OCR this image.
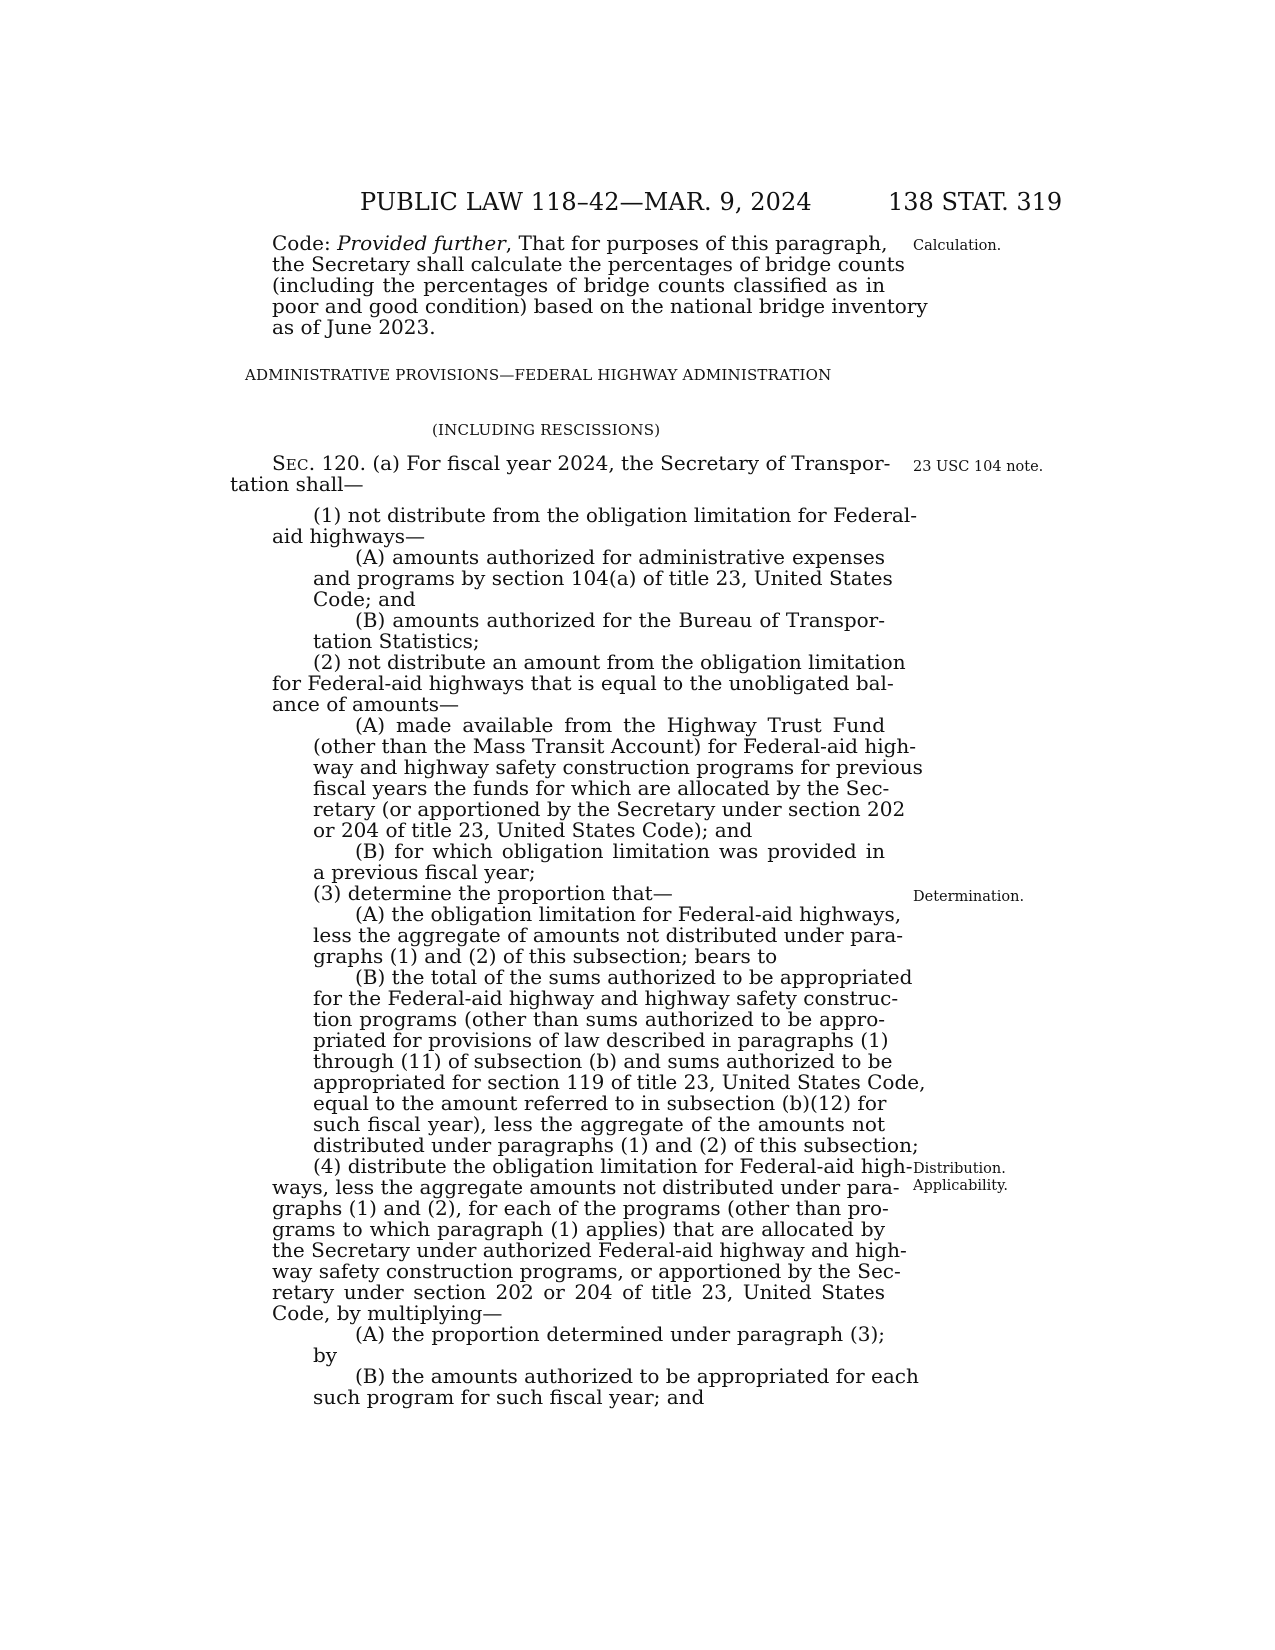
PUBLIC LAW 118–42—MAR. 9, 2024	138 STAT. 319
Code: Provided further, That for purposes of this paragraph,
the Secretary shall calculate the percentages of bridge counts
(including the percentages of bridge counts classified as in
poor and good condition) based on the national bridge inventory
as of June 2023.
Calculation.
ADMINISTRATIVE PROVISIONS—FEDERAL HIGHWAY ADMINISTRATION
(INCLUDING RESCISSIONS)
SEC. 120. (a) For fiscal year 2024, the Secretary of Transpor- 23 USC 104 note.
tation shall—
(1) not distribute from the obligation limitation for Federal-
aid highways—
(A) amounts authorized for administrative expenses
and programs by section 104(a) of title 23, United States
Code; and
(B) amounts authorized for the Bureau of Transpor-
tation Statistics;
(2) not distribute an amount from the obligation limitation
for Federal-aid highways that is equal to the unobligated bal-
ance of amounts—
(A) made available from the Highway Trust Fund
(other than the Mass Transit Account) for Federal-aid high-
way and highway safety construction programs for previous
fiscal years the funds for which are allocated by the Sec-
retary (or apportioned by the Secretary under section 202
or 204 of title 23, United States Code); and
(B) for which obligation limitation was provided in
a previous fiscal year;
(3) determine the proportion that—	Determination.
(A) the obligation limitation for Federal-aid highways,
less the aggregate of amounts not distributed under para-
graphs (1) and (2) of this subsection; bears to
(B) the total of the sums authorized to be appropriated
for the Federal-aid highway and highway safety construc-
tion programs (other than sums authorized to be appro-
priated for provisions of law described in paragraphs (1)
through (11) of subsection (b) and sums authorized to be
appropriated for section 119 of title 23, United States Code,
equal to the amount referred to in subsection (b)(12) for
such fiscal year), less the aggregate of the amounts not
distributed under paragraphs (1) and (2) of this subsection;
(4) distribute the obligation limitation for Federal-aid high- Distribution.
Applicability.
ways, less the aggregate amounts not distributed under para-
graphs (1) and (2), for each of the programs (other than pro-
grams to which paragraph (1) applies) that are allocated by
the Secretary under authorized Federal-aid highway and high-
way safety construction programs, or apportioned by the Sec-
retary under section 202 or 204 of title 23, United States
Code, by multiplying—
(A) the proportion determined under paragraph (3);
by
(B) the amounts authorized to be appropriated for each
such program for such fiscal year; and
